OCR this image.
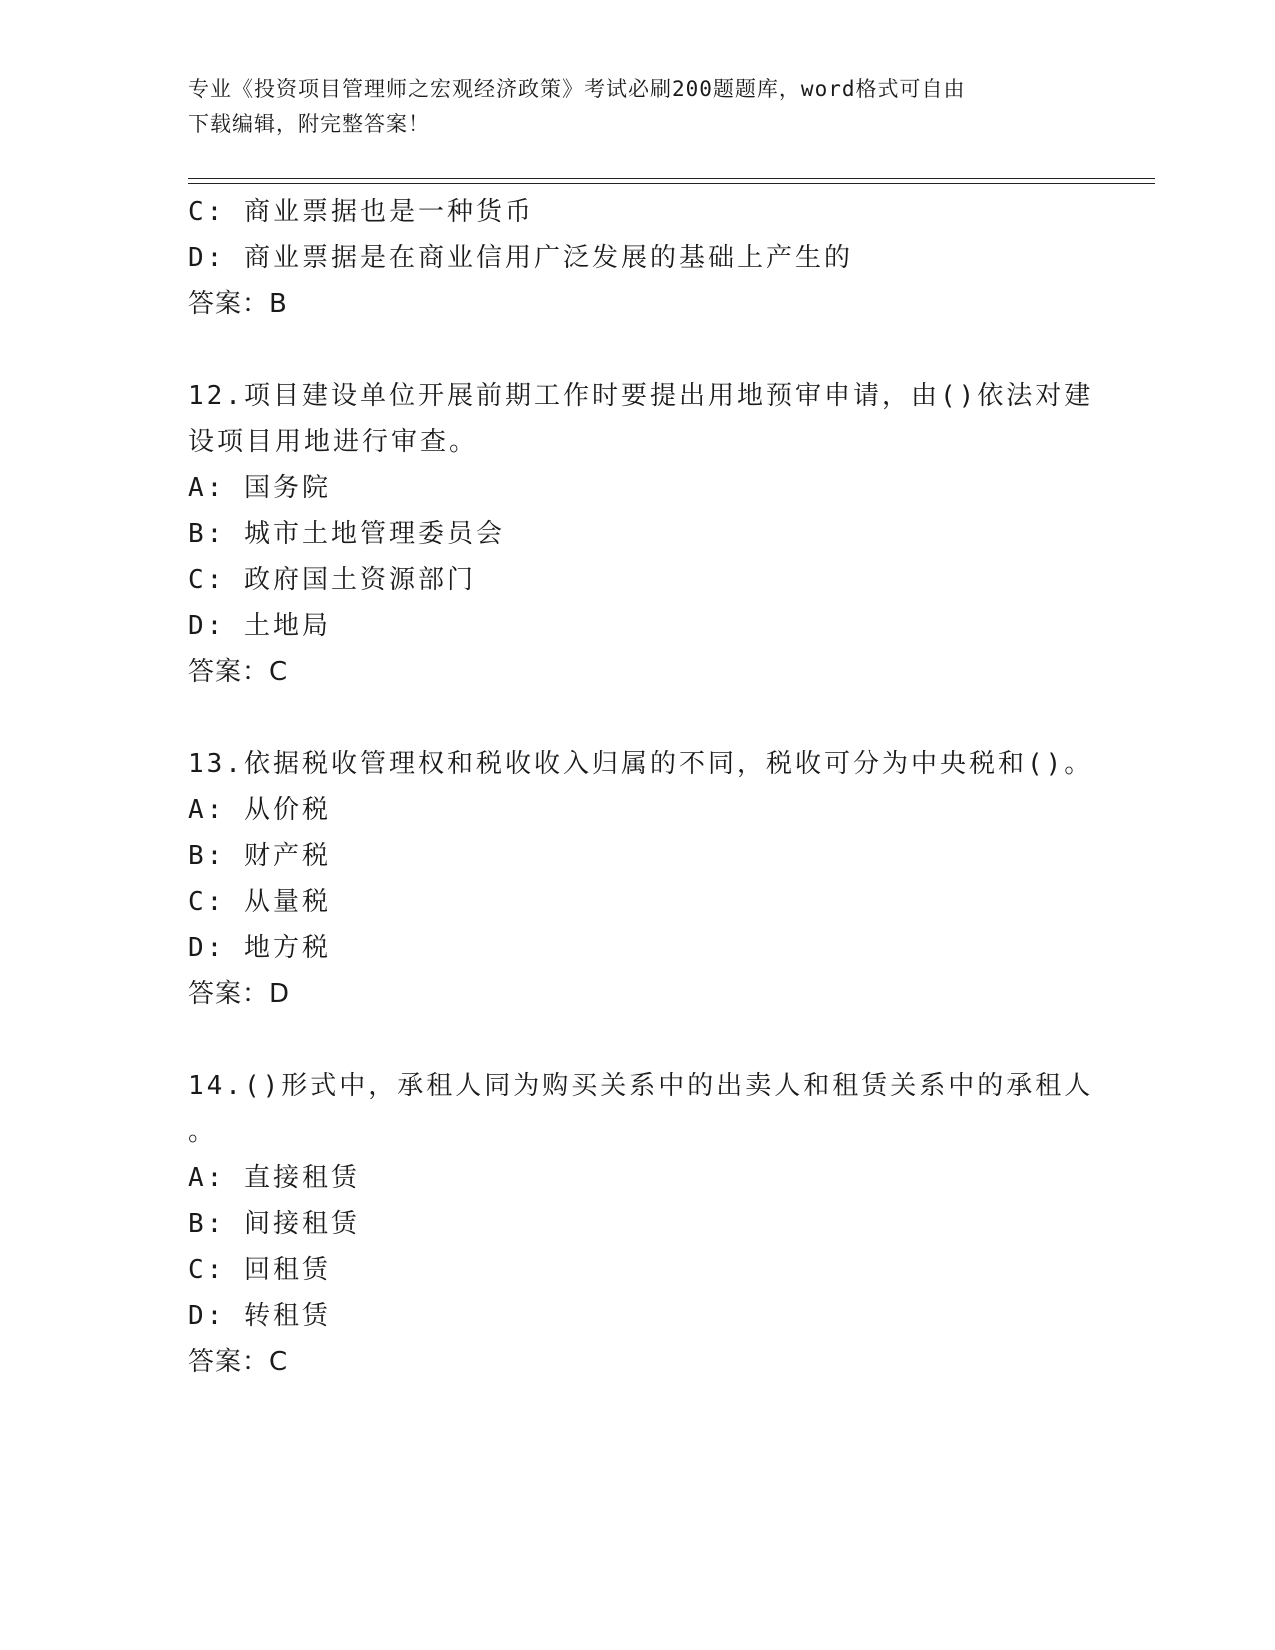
专业《投资项目管理师之宏观经济政策》考试必刷200题题库，word格式可自由
下载编辑，附完整答案！
C: 商业票据也是一种货币
D: 商业票据是在商业信用广泛发展的基础上产生的
答案：B
12.项目建设单位开展前期工作时要提出用地预审申请，由()依法对建
设项目用地进行审查。
A: 国务院
B: 城市土地管理委员会
C: 政府国土资源部门
D: 土地局
答案：C
13.依据税收管理权和税收收入归属的不同，税收可分为中央税和()。
A: 从价税
B: 财产税
C: 从量税
D: 地方税
答案：D
14.()形式中，承租人同为购买关系中的出卖人和租赁关系中的承租人
。
A: 直接租赁
B: 间接租赁
C: 回租赁
D: 转租赁
答案：C
